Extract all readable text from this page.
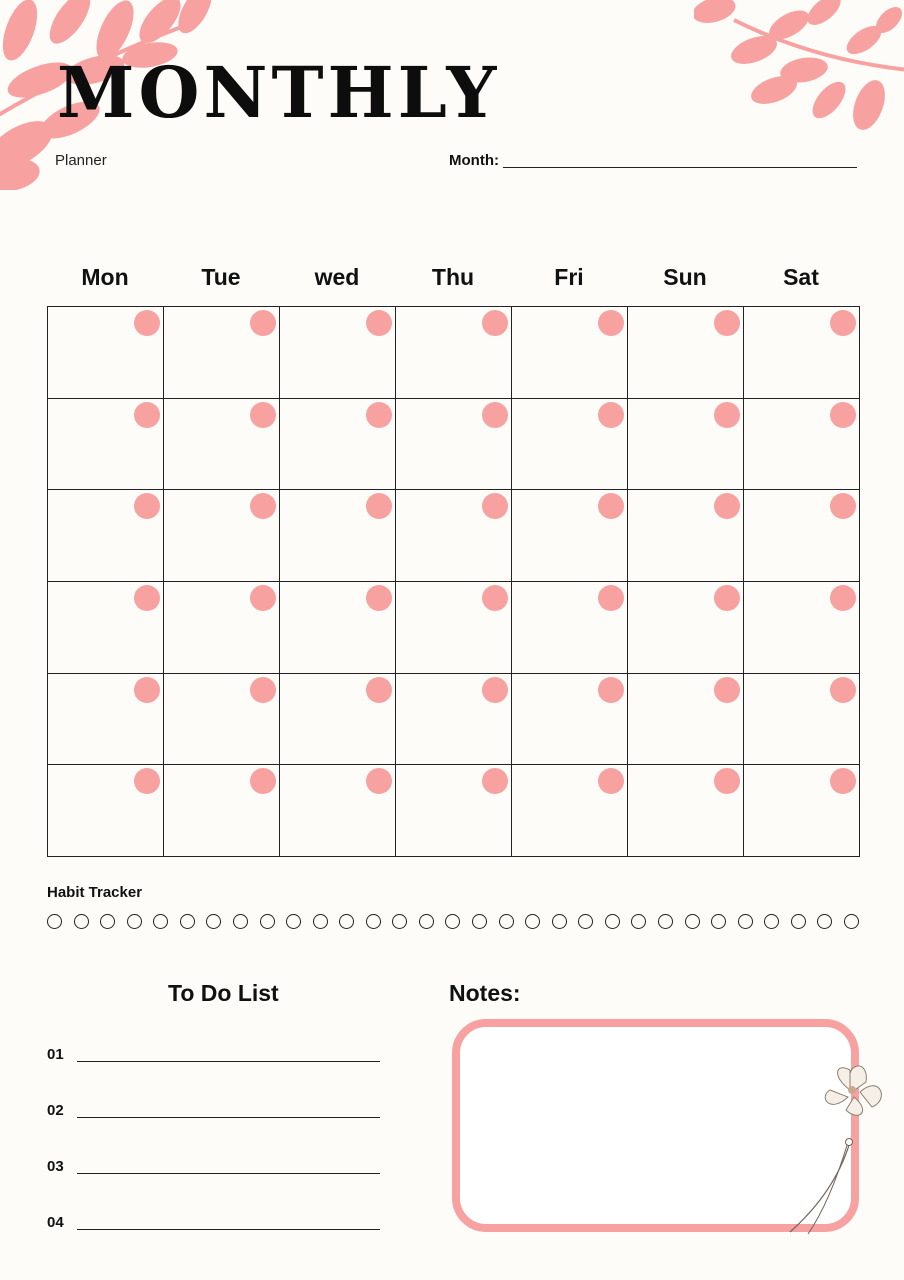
MONTHLY
Planner	Month:
Mon	Tue	wed	Thu	Fri	Sun	Sat
Habit Tracker
To Do List
01
02
03
04
Notes:
